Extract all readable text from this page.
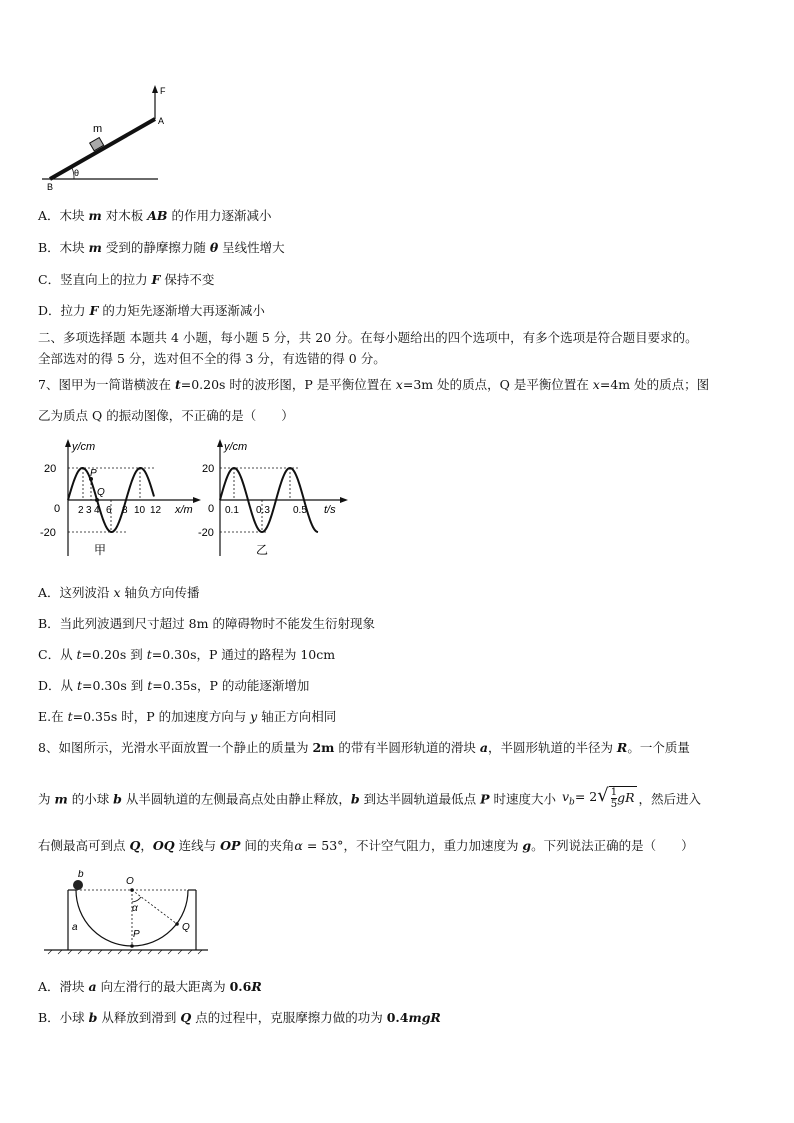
m
F
A
B
θ
A．木块 m 对木板 AB 的作用力逐渐减小
B．木块 m 受到的静摩擦力随 θ 呈线性增大
C．竖直向上的拉力 F 保持不变
D．拉力 F 的力矩先逐渐增大再逐渐减小
二、多项选择题 本题共 4 小题，每小题 5 分，共 20 分。在每小题给出的四个选项中，有多个选项是符合题目要求的。
全部选对的得 5 分，选对但不全的得 3 分，有选错的得 0 分。
7、图甲为一简谐横波在 t=0.20s 时的波形图，P 是平衡位置在 x=3m 处的质点，Q 是平衡位置在 x=4m 处的质点；图
乙为质点 Q 的振动图像，不正确的是（　　）
y/cm
20
-20
0 2 3 4 6 8 10 12 x/m
P
Q
甲
y/cm
20
-20
0 0.1 0.3 0.5 t/s
乙
A．这列波沿 x 轴负方向传播
B．当此列波遇到尺寸超过 8m 的障碍物时不能发生衍射现象
C．从 t=0.20s 到 t=0.30s，P 通过的路程为 10cm
D．从 t=0.30s 到 t=0.35s，P 的动能逐渐增加
E.在 t=0.35s 时，P 的加速度方向与 y 轴正方向相同
8、如图所示，光滑水平面放置一个静止的质量为 2m 的带有半圆形轨道的滑块 a，半圆形轨道的半径为 R。一个质量
为 m 的小球 b 从半圆轨道的左侧最高点处由静止释放，b 到达半圆轨道最低点 P 时速度大小 $v_b= 2√ \frac{1}{5}$ gR ，然后进入
右侧最高可到点 Q，OQ 连线与 OP 间的夹角α = 53°，不计空气阻力，重力加速度为 g。下列说法正确的是（　　）
b
O
α
Q
P
a
A．滑块 a 向左滑行的最大距离为 0.6R
B．小球 b 从释放到滑到 Q 点的过程中，克服摩擦力做的功为 0.4mgR
